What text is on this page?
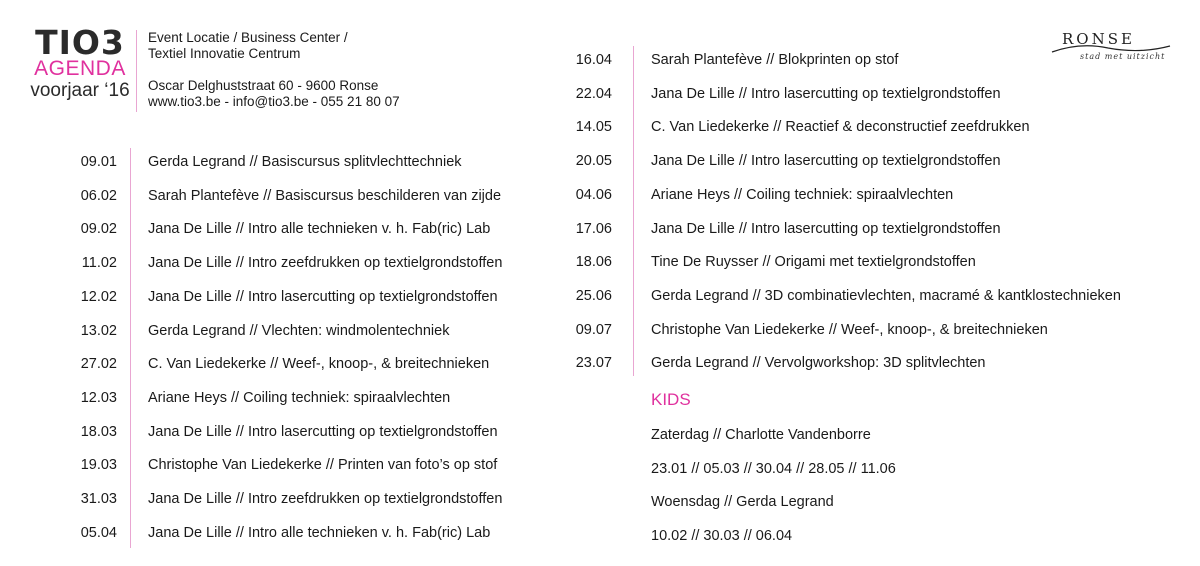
TIO3
AGENDA
voorjaar ‘16
Event Locatie / Business Center /
Textiel Innovatie Centrum
Oscar Delghuststraat 60 - 9600 Ronse
www.tio3.be - info@tio3.be - 055 21 80 07
RONSE
stad met uitzicht
09.01 Gerda Legrand // Basiscursus splitvlechttechniek
06.02 Sarah Plantefève // Basiscursus beschilderen van zijde
09.02 Jana De Lille // Intro alle technieken v. h. Fab(ric) Lab
11.02 Jana De Lille // Intro zeefdrukken op textielgrondstoffen
12.02 Jana De Lille // Intro lasercutting op textielgrondstoffen
13.02 Gerda Legrand // Vlechten: windmolentechniek
27.02 C. Van Liedekerke // Weef-, knoop-, & breitechnieken
12.03 Ariane Heys // Coiling techniek: spiraalvlechten
18.03 Jana De Lille // Intro lasercutting op textielgrondstoffen
19.03 Christophe Van Liedekerke // Printen van foto’s op stof
31.03 Jana De Lille // Intro zeefdrukken op textielgrondstoffen
05.04 Jana De Lille // Intro alle technieken v. h. Fab(ric) Lab
16.04	Sarah Plantefève // Blokprinten op stof
22.04	Jana De Lille // Intro lasercutting op textielgrondstoffen
14.05	C. Van Liedekerke // Reactief & deconstructief zeefdrukken
20.05	Jana De Lille // Intro lasercutting op textielgrondstoffen
04.06	Ariane Heys // Coiling techniek: spiraalvlechten
17.06	Jana De Lille // Intro lasercutting op textielgrondstoffen
18.06	Tine De Ruysser // Origami met textielgrondstoffen
25.06	Gerda Legrand // 3D combinatievlechten, macramé & kantklostechnieken
09.07	Christophe Van Liedekerke // Weef-, knoop-, & breitechnieken
23.07	Gerda Legrand // Vervolgworkshop: 3D splitvlechten
KIDS
Zaterdag // Charlotte Vandenborre
23.01 // 05.03 // 30.04 // 28.05 // 11.06
Woensdag // Gerda Legrand
10.02 // 30.03 // 06.04
